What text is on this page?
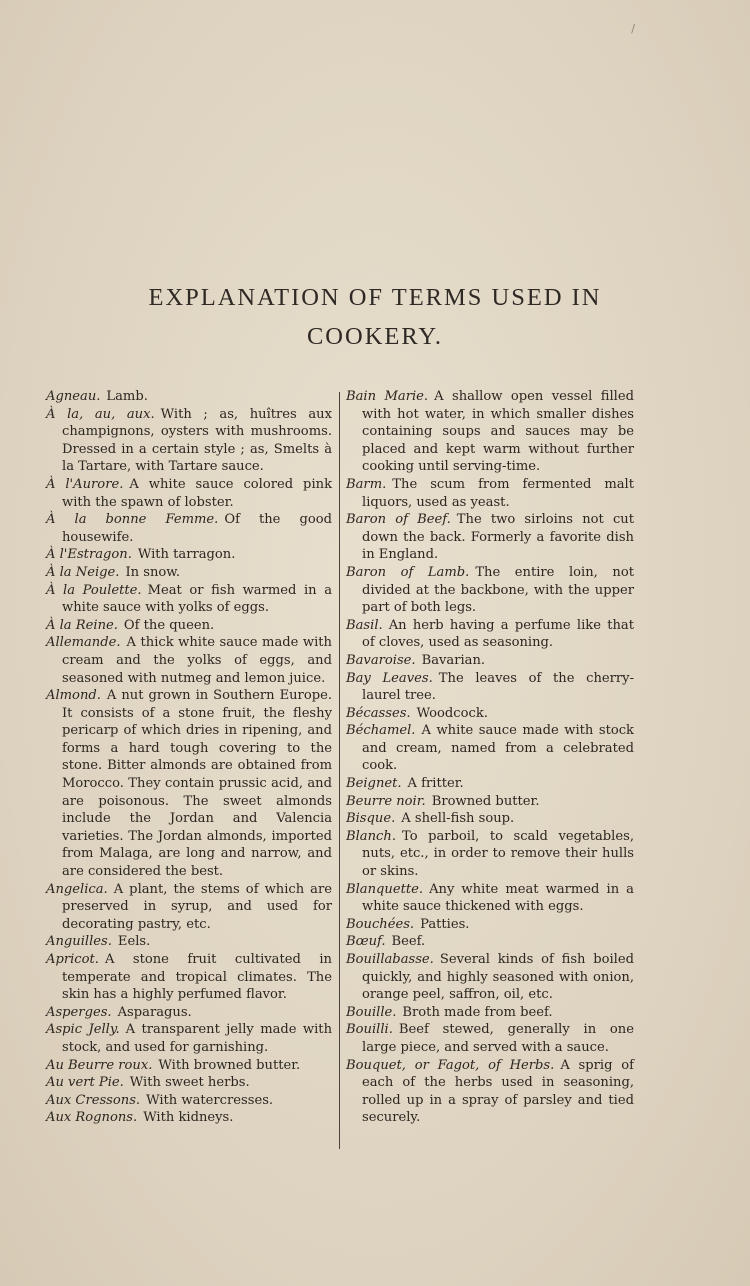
/
EXPLANATION OF TERMS USED IN
COOKERY.

Agneau. Lamb.

À la, au, aux. With ; as, huîtres aux champignons, oysters with mushrooms. Dressed in a certain style ; as, Smelts à la Tartare, with Tartare sauce.

À l'Aurore. A white sauce colored pink with the spawn of lobster.

À la bonne Femme. Of the good housewife.

À l'Estragon. With tarragon.

À la Neige. In snow.

À la Poulette. Meat or fish warmed in a white sauce with yolks of eggs.

À la Reine. Of the queen.

Allemande. A thick white sauce made with cream and the yolks of eggs, and seasoned with nutmeg and lemon juice.

Almond. A nut grown in Southern Europe. It consists of a stone fruit, the fleshy pericarp of which dries in ripening, and forms a hard tough covering to the stone. Bitter almonds are obtained from Morocco. They contain prussic acid, and are poisonous. The sweet almonds include the Jordan and Valencia varieties. The Jordan almonds, imported from Malaga, are long and narrow, and are considered the best.

Angelica. A plant, the stems of which are preserved in syrup, and used for decorating pastry, etc.

Anguilles. Eels.

Apricot. A stone fruit cultivated in temperate and tropical climates. The skin has a highly perfumed flavor.

Asperges. Asparagus.

Aspic Jelly. A transparent jelly made with stock, and used for garnishing.

Au Beurre roux. With browned butter.

Au vert Pie. With sweet herbs.

Aux Cressons. With watercresses.

Aux Rognons. With kidneys.

Bain Marie. A shallow open vessel filled with hot water, in which smaller dishes containing soups and sauces may be placed and kept warm without further cooking until serving-time.

Barm. The scum from fermented malt liquors, used as yeast.

Baron of Beef. The two sirloins not cut down the back. Formerly a favorite dish in England.

Baron of Lamb. The entire loin, not divided at the backbone, with the upper part of both legs.

Basil. An herb having a perfume like that of cloves, used as seasoning.

Bavaroise. Bavarian.

Bay Leaves. The leaves of the cherry-laurel tree.

Bécasses. Woodcock.

Béchamel. A white sauce made with stock and cream, named from a celebrated cook.

Beignet. A fritter.

Beurre noir. Browned butter.

Bisque. A shell-fish soup.

Blanch. To parboil, to scald vegetables, nuts, etc., in order to remove their hulls or skins.

Blanquette. Any white meat warmed in a white sauce thickened with eggs.

Bouchées. Patties.

Bœuf. Beef.

Bouillabasse. Several kinds of fish boiled quickly, and highly seasoned with onion, orange peel, saffron, oil, etc.

Bouille. Broth made from beef.

Bouilli. Beef stewed, generally in one large piece, and served with a sauce.

Bouquet, or Fagot, of Herbs. A sprig of each of the herbs used in seasoning, rolled up in a spray of parsley and tied securely.
